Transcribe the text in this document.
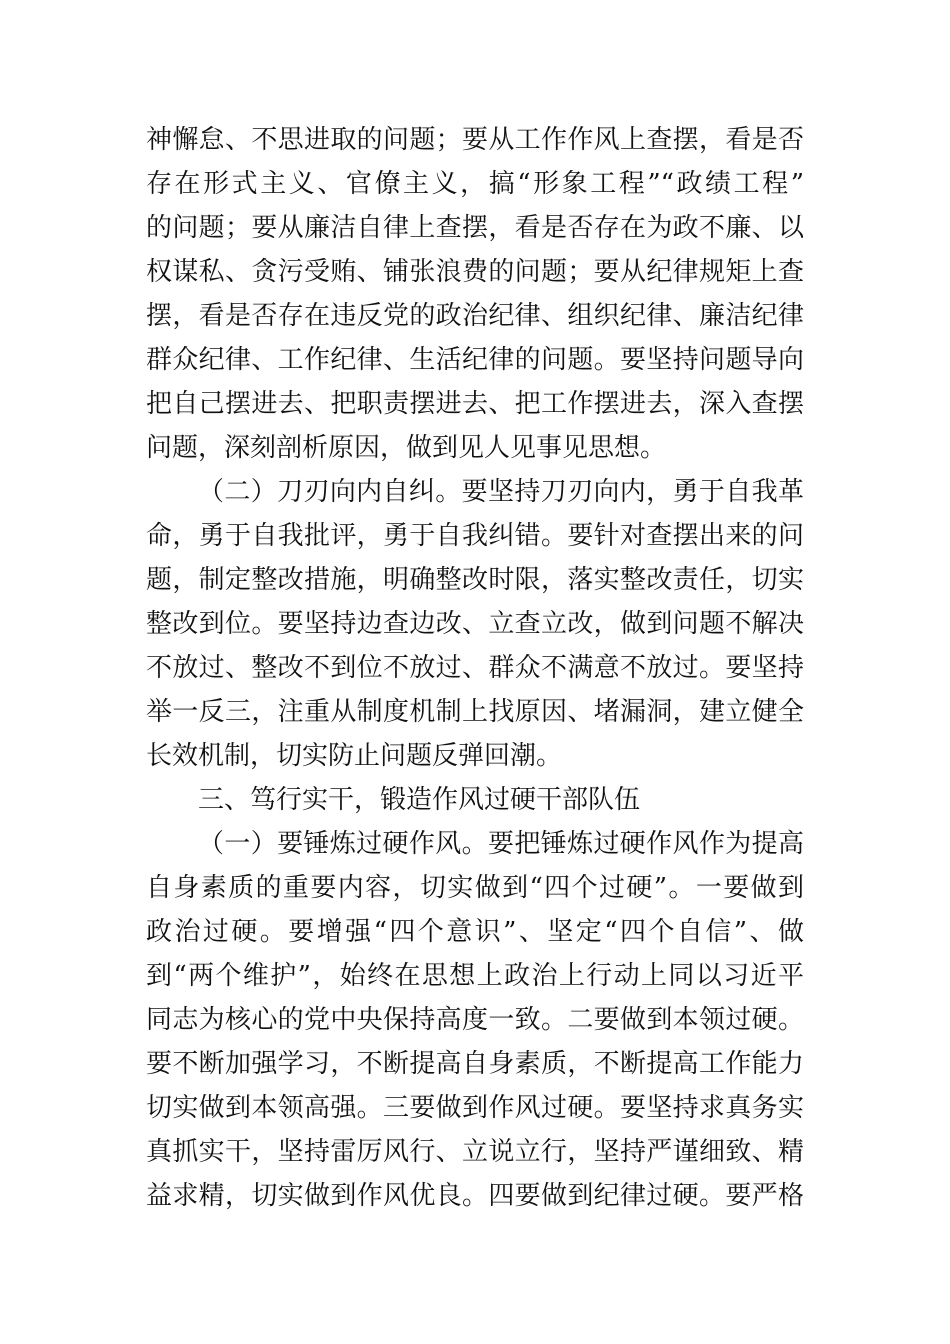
神懈怠、不思进取的问题；要从工作作风上查摆，看是否
存在形式主义、官僚主义，搞“形象工程”“政绩工程”
的问题；要从廉洁自律上查摆，看是否存在为政不廉、以
权谋私、贪污受贿、铺张浪费的问题；要从纪律规矩上查
摆，看是否存在违反党的政治纪律、组织纪律、廉洁纪律
群众纪律、工作纪律、生活纪律的问题。要坚持问题导向
把自己摆进去、把职责摆进去、把工作摆进去，深入查摆
问题，深刻剖析原因，做到见人见事见思想。
（二）刀刃向内自纠。要坚持刀刃向内，勇于自我革
命，勇于自我批评，勇于自我纠错。要针对查摆出来的问
题，制定整改措施，明确整改时限，落实整改责任，切实
整改到位。要坚持边查边改、立查立改，做到问题不解决
不放过、整改不到位不放过、群众不满意不放过。要坚持
举一反三，注重从制度机制上找原因、堵漏洞，建立健全
长效机制，切实防止问题反弹回潮。
三、笃行实干，锻造作风过硬干部队伍
（一）要锤炼过硬作风。要把锤炼过硬作风作为提高
自身素质的重要内容，切实做到“四个过硬”。一要做到
政治过硬。要增强“四个意识”、坚定“四个自信”、做
到“两个维护”，始终在思想上政治上行动上同以习近平
同志为核心的党中央保持高度一致。二要做到本领过硬。
要不断加强学习，不断提高自身素质，不断提高工作能力
切实做到本领高强。三要做到作风过硬。要坚持求真务实
真抓实干，坚持雷厉风行、立说立行，坚持严谨细致、精
益求精，切实做到作风优良。四要做到纪律过硬。要严格
